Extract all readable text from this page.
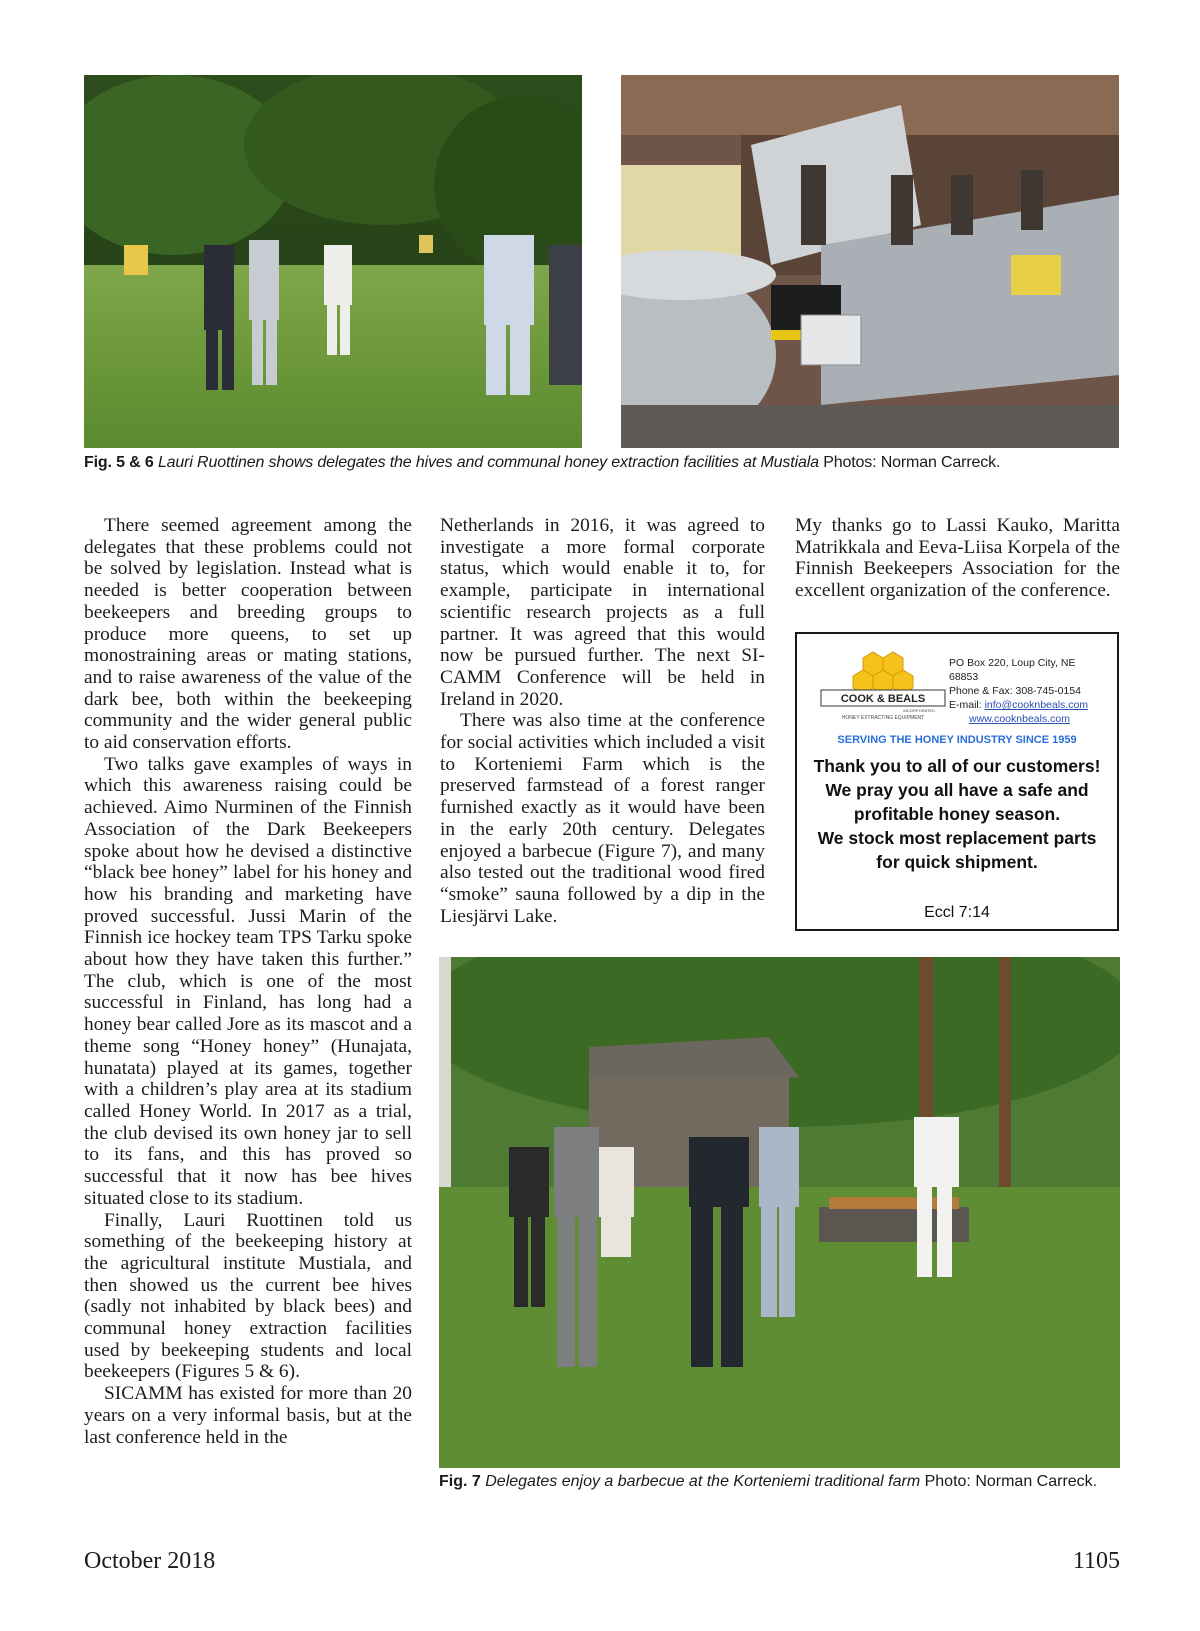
Fig. 5 & 6 Lauri Ruottinen shows delegates the hives and communal honey extraction facilities at Mustiala Photos: Norman Carreck.

There seemed agreement among the delegates that these problems could not be solved by legislation. Instead what is needed is better cooperation between beekeepers and breeding groups to produce more queens, to set up monostraining areas or mating stations, and to raise awareness of the value of the dark bee, both within the beekeeping community and the wider general public to aid conservation efforts.

Two talks gave examples of ways in which this awareness raising could be achieved. Aimo Nurminen of the Finnish Association of the Dark Beekeepers spoke about how he devised a distinctive “black bee honey” label for his honey and how his branding and marketing have proved successful. Jussi Marin of the Finnish ice hockey team TPS Tarku spoke about how they have taken this further.” The club, which is one of the most successful in Finland, has long had a honey bear called Jore as its mascot and a theme song “Honey honey” (Hunajata, hunatata) played at its games, together with a children’s play area at its stadium called Honey World. In 2017 as a trial, the club devised its own honey jar to sell to its fans, and this has proved so successful that it now has bee hives situated close to its stadium.

Finally, Lauri Ruottinen told us something of the beekeeping history at the agricultural institute Mustiala, and then showed us the current bee hives (sadly not inhabited by black bees) and communal honey extraction facilities used by beekeeping students and local beekeepers (Figures 5 & 6).

SICAMM has existed for more than 20 years on a very informal basis, but at the last conference held in the

Netherlands in 2016, it was agreed to investigate a more formal corporate status, which would enable it to, for example, participate in international scientific research projects as a full partner. It was agreed that this would now be pursued further. The next SICAMM Conference will be held in Ireland in 2020.

There was also time at the conference for social activities which included a visit to Korteniemi Farm which is the preserved farmstead of a forest ranger furnished exactly as it would have been in the early 20th century. Delegates enjoyed a barbecue (Figure 7), and many also tested out the traditional wood fired “smoke” sauna followed by a dip in the Liesjärvi Lake.

My thanks go to Lassi Kauko, Maritta Matrikkala and Eeva-Liisa Korpela of the Finnish Beekeepers Association for the excellent organization of the conference.

COOK & BEALS
INCORPORATED
HONEY EXTRACTING EQUIPMENT
PO Box 220, Loup City, NE
68853
Phone & Fax: 308-745-0154
E-mail: info@cooknbeals.com
www.cooknbeals.com
SERVING THE HONEY INDUSTRY SINCE 1959
Thank you to all of our customers!
We pray you all have a safe and profitable honey season.
We stock most replacement parts for quick shipment.
Eccl 7:14
Fig. 7 Delegates enjoy a barbecue at the Korteniemi traditional farm Photo: Norman Carreck.
October 2018	1105
